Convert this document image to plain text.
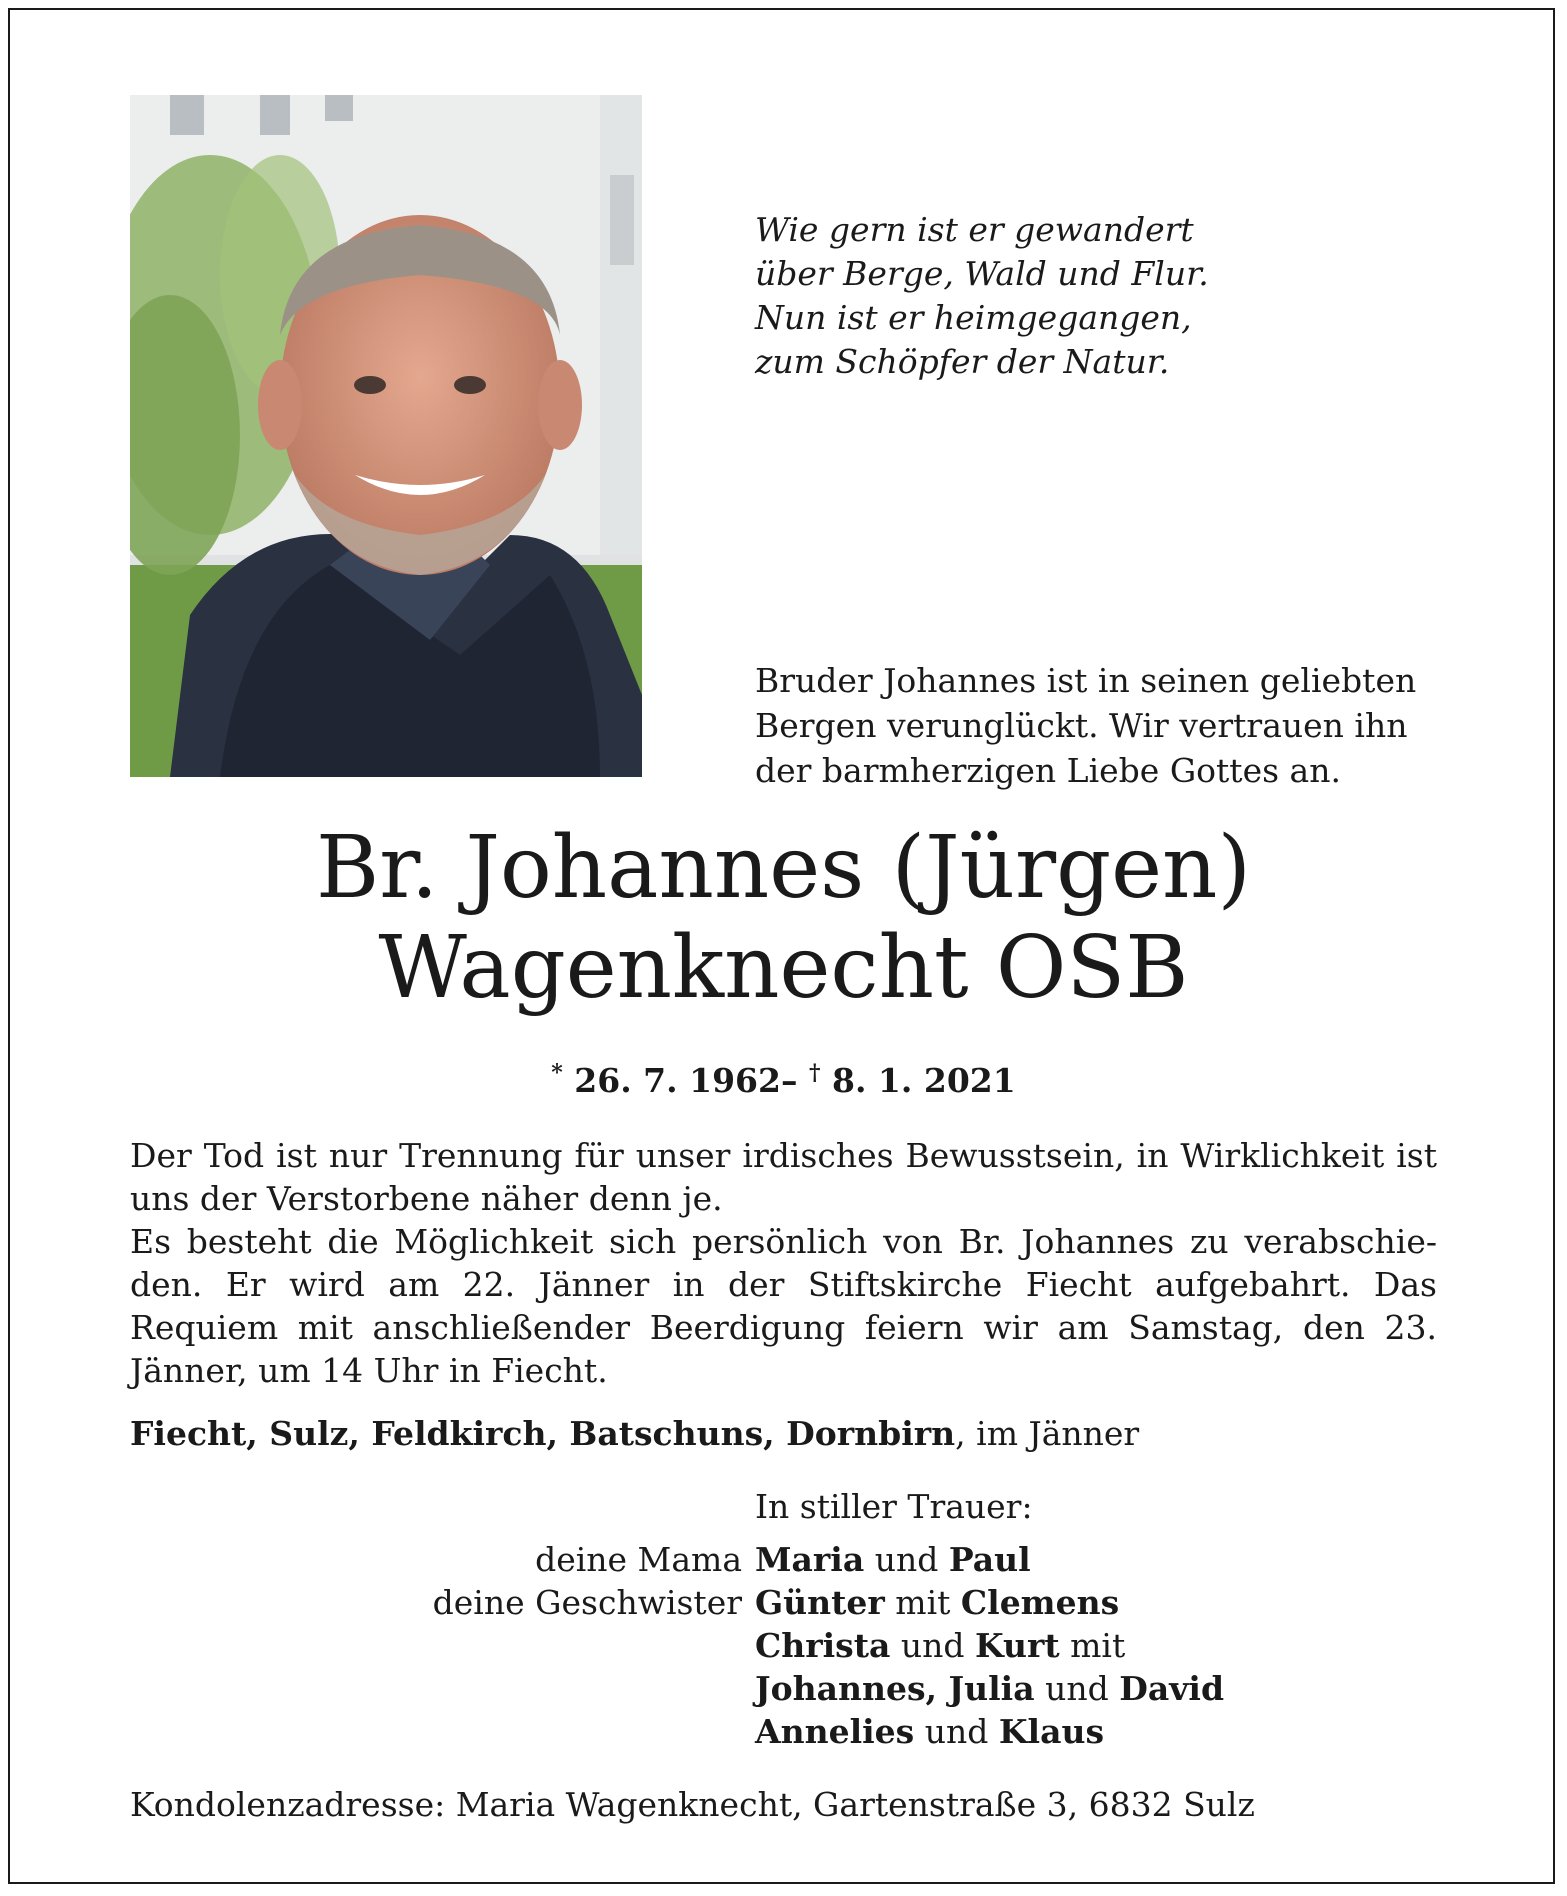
Wie gern ist er gewandert
über Berge, Wald und Flur.
Nun ist er heimgegangen,
zum Schöpfer der Natur.
Bruder Johannes ist in seinen geliebten
Bergen verunglückt. Wir vertrauen ihn
der barmherzigen Liebe Gottes an.
Br. Johannes (Jürgen)
Wagenknecht OSB
* 26. 7. 1962– † 8. 1. 2021

Der Tod ist nur Trennung für unser irdisches Bewusstsein, in Wirklichkeit ist uns der Verstorbene näher denn je.

Es besteht die Möglichkeit sich persönlich von Br. Johannes zu verabschie-den. Er wird am 22. Jänner in der Stiftskirche Fiecht aufgebahrt. Das Requiem mit anschließender Beerdigung feiern wir am Samstag, den 23. Jänner, um 14 Uhr in Fiecht.

Fiecht, Sulz, Feldkirch, Batschuns, Dornbirn, im Jänner
In stiller Trauer:
deine Mama Maria und Paul
deine Geschwister Günter mit Clemens
Christa und Kurt mit
Johannes, Julia und David
Annelies und Klaus
Kondolenzadresse: Maria Wagenknecht, Gartenstraße 3, 6832 Sulz
